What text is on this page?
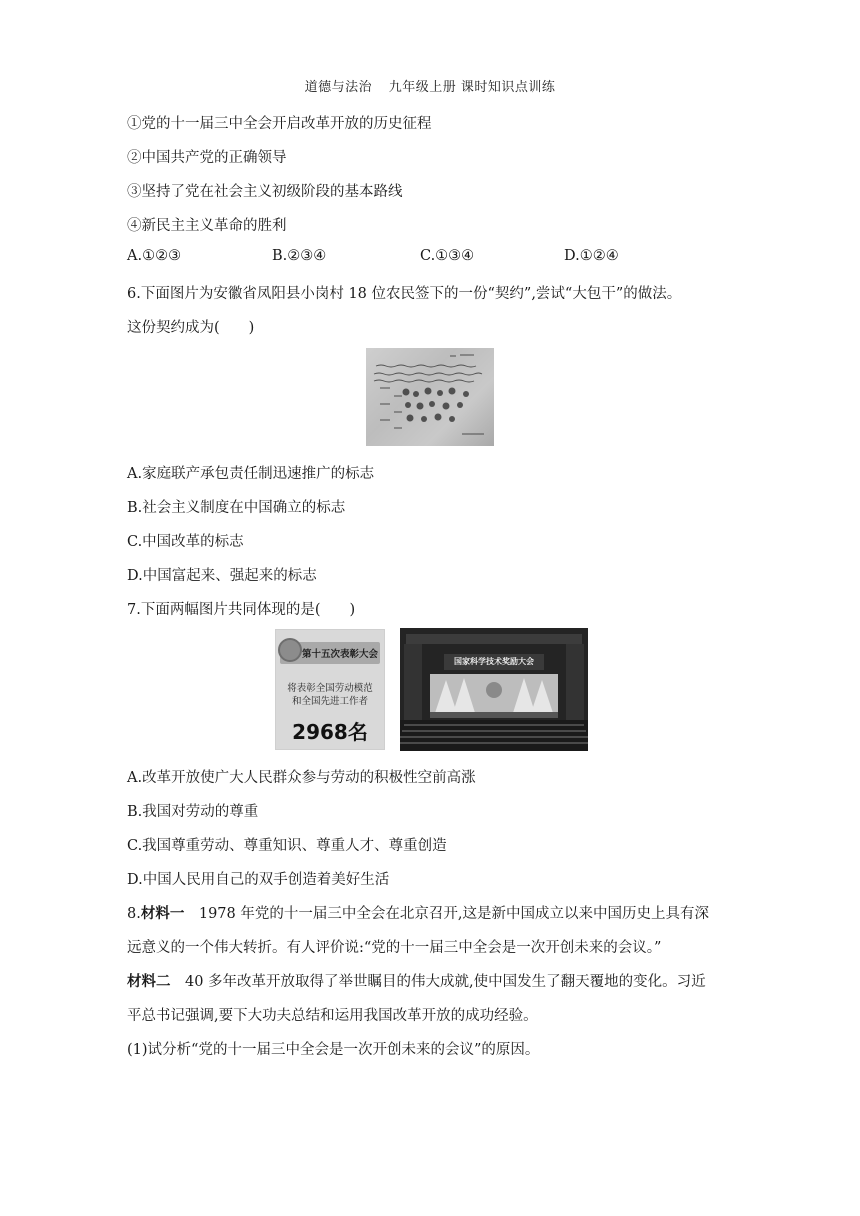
道德与法治 九年级上册 课时知识点训练
①党的十一届三中全会开启改革开放的历史征程
②中国共产党的正确领导
③坚持了党在社会主义初级阶段的基本路线
④新民主主义革命的胜利
A.①②③	B.②③④	C.①③④	D.①②④
6.下面图片为安徽省凤阳县小岗村 18 位农民签下的一份“契约”,尝试“大包干”的做法。
这份契约成为(　　)
A.家庭联产承包责任制迅速推广的标志
B.社会主义制度在中国确立的标志
C.中国改革的标志
D.中国富起来、强起来的标志
7.下面两幅图片共同体现的是(　　)
第十五次表彰大会
将表彰全国劳动模范
和全国先进工作者
2968名
国家科学技术奖励大会
A.改革开放使广大人民群众参与劳动的积极性空前高涨
B.我国对劳动的尊重
C.我国尊重劳动、尊重知识、尊重人才、尊重创造
D.中国人民用自己的双手创造着美好生活
8.材料一　1978 年党的十一届三中全会在北京召开,这是新中国成立以来中国历史上具有深
远意义的一个伟大转折。有人评价说:“党的十一届三中全会是一次开创未来的会议。”
材料二　40 多年改革开放取得了举世瞩目的伟大成就,使中国发生了翻天覆地的变化。习近
平总书记强调,要下大功夫总结和运用我国改革开放的成功经验。
(1)试分析“党的十一届三中全会是一次开创未来的会议”的原因。
